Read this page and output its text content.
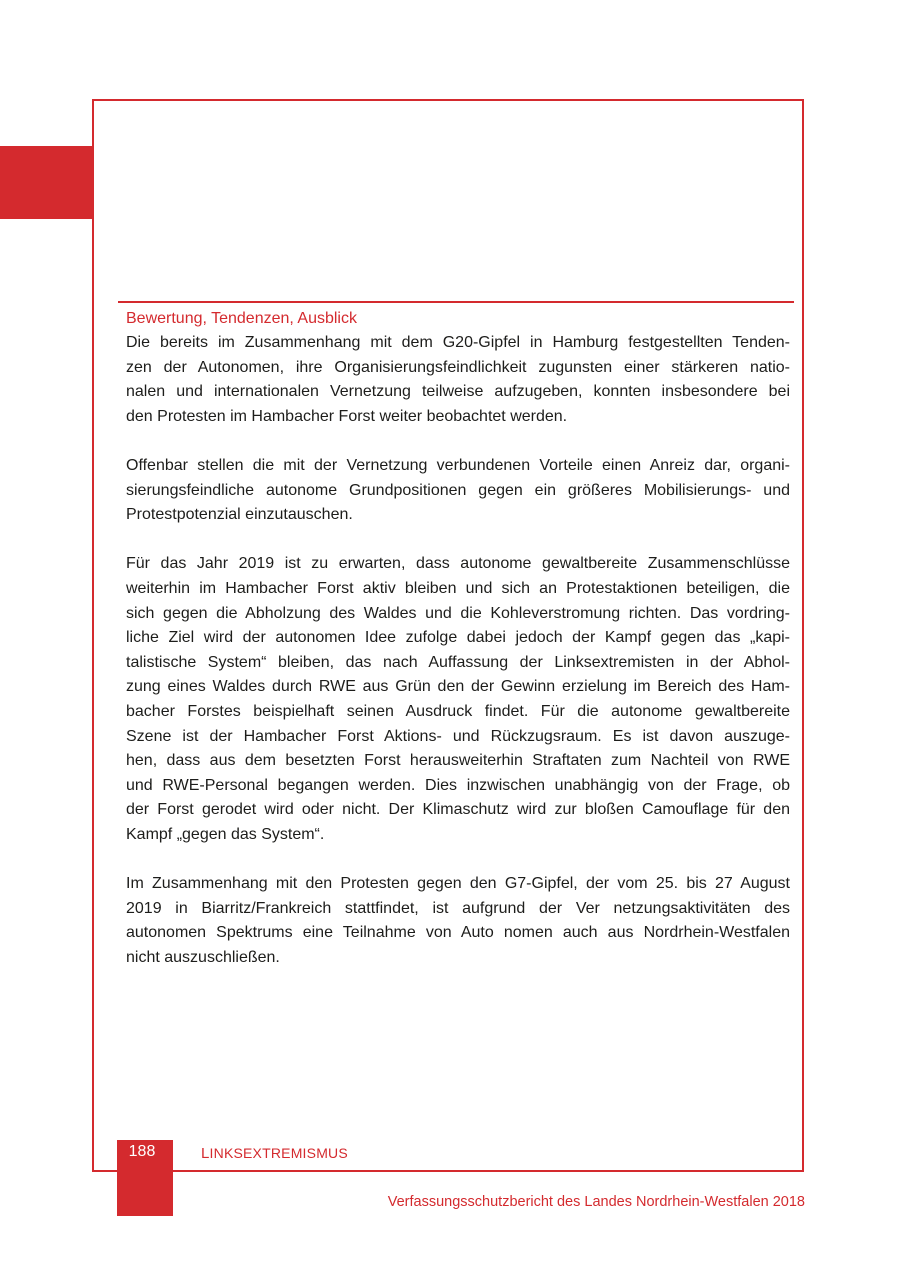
Bewertung, Tendenzen, Ausblick

Die bereits im Zusammenhang mit dem G20-Gipfel in Hamburg festgestellten Tenden-
zen der Autonomen, ihre Organisierungsfeindlichkeit zugunsten einer stärkeren natio-
nalen und internationalen Vernetzung teilweise aufzugeben, konnten insbesondere bei
den Protesten im Hambacher Forst weiter beobachtet werden.

Offenbar stellen die mit der Vernetzung verbundenen Vorteile einen Anreiz dar, organi-
sierungsfeindliche autonome Grundpositionen gegen ein größeres Mobilisierungs- und
Protestpotenzial einzutauschen.

Für das Jahr 2019 ist zu erwarten, dass autonome gewaltbereite Zusammenschlüsse
weiterhin im Hambacher Forst aktiv bleiben und sich an Protestaktionen beteiligen, die
sich gegen die Abholzung des Waldes und die Kohleverstromung richten. Das vordring-
liche Ziel wird der autonomen Idee zufolge dabei jedoch der Kampf gegen das „kapi-
talistische System“ bleiben, das nach Auffassung der Linksextremisten in der Abhol-
zung eines Waldes durch RWE aus Grün den der Gewinn erzielung im Bereich des Ham-
bacher Forstes beispielhaft seinen Ausdruck findet. Für die autonome gewaltbereite
Szene ist der Hambacher Forst Aktions- und Rückzugsraum. Es ist davon auszuge-
hen, dass aus dem besetzten Forst herausweiterhin Straftaten zum Nachteil von RWE
und RWE-Personal begangen werden. Dies inzwischen unabhängig von der Frage, ob
der Forst gerodet wird oder nicht. Der Klimaschutz wird zur bloßen Camouflage für den
Kampf „gegen das System“.

Im Zusammenhang mit den Protesten gegen den G7-Gipfel, der vom 25. bis 27 August
2019 in Biarritz/Frankreich stattfindet, ist aufgrund der Ver netzungsaktivitäten des
autonomen Spektrums eine Teilnahme von Auto nomen auch aus Nordrhein-Westfalen
nicht auszuschließen.

188	LINKSEXTREMISMUS
Verfassungsschutzbericht des Landes Nordrhein-Westfalen 2018
